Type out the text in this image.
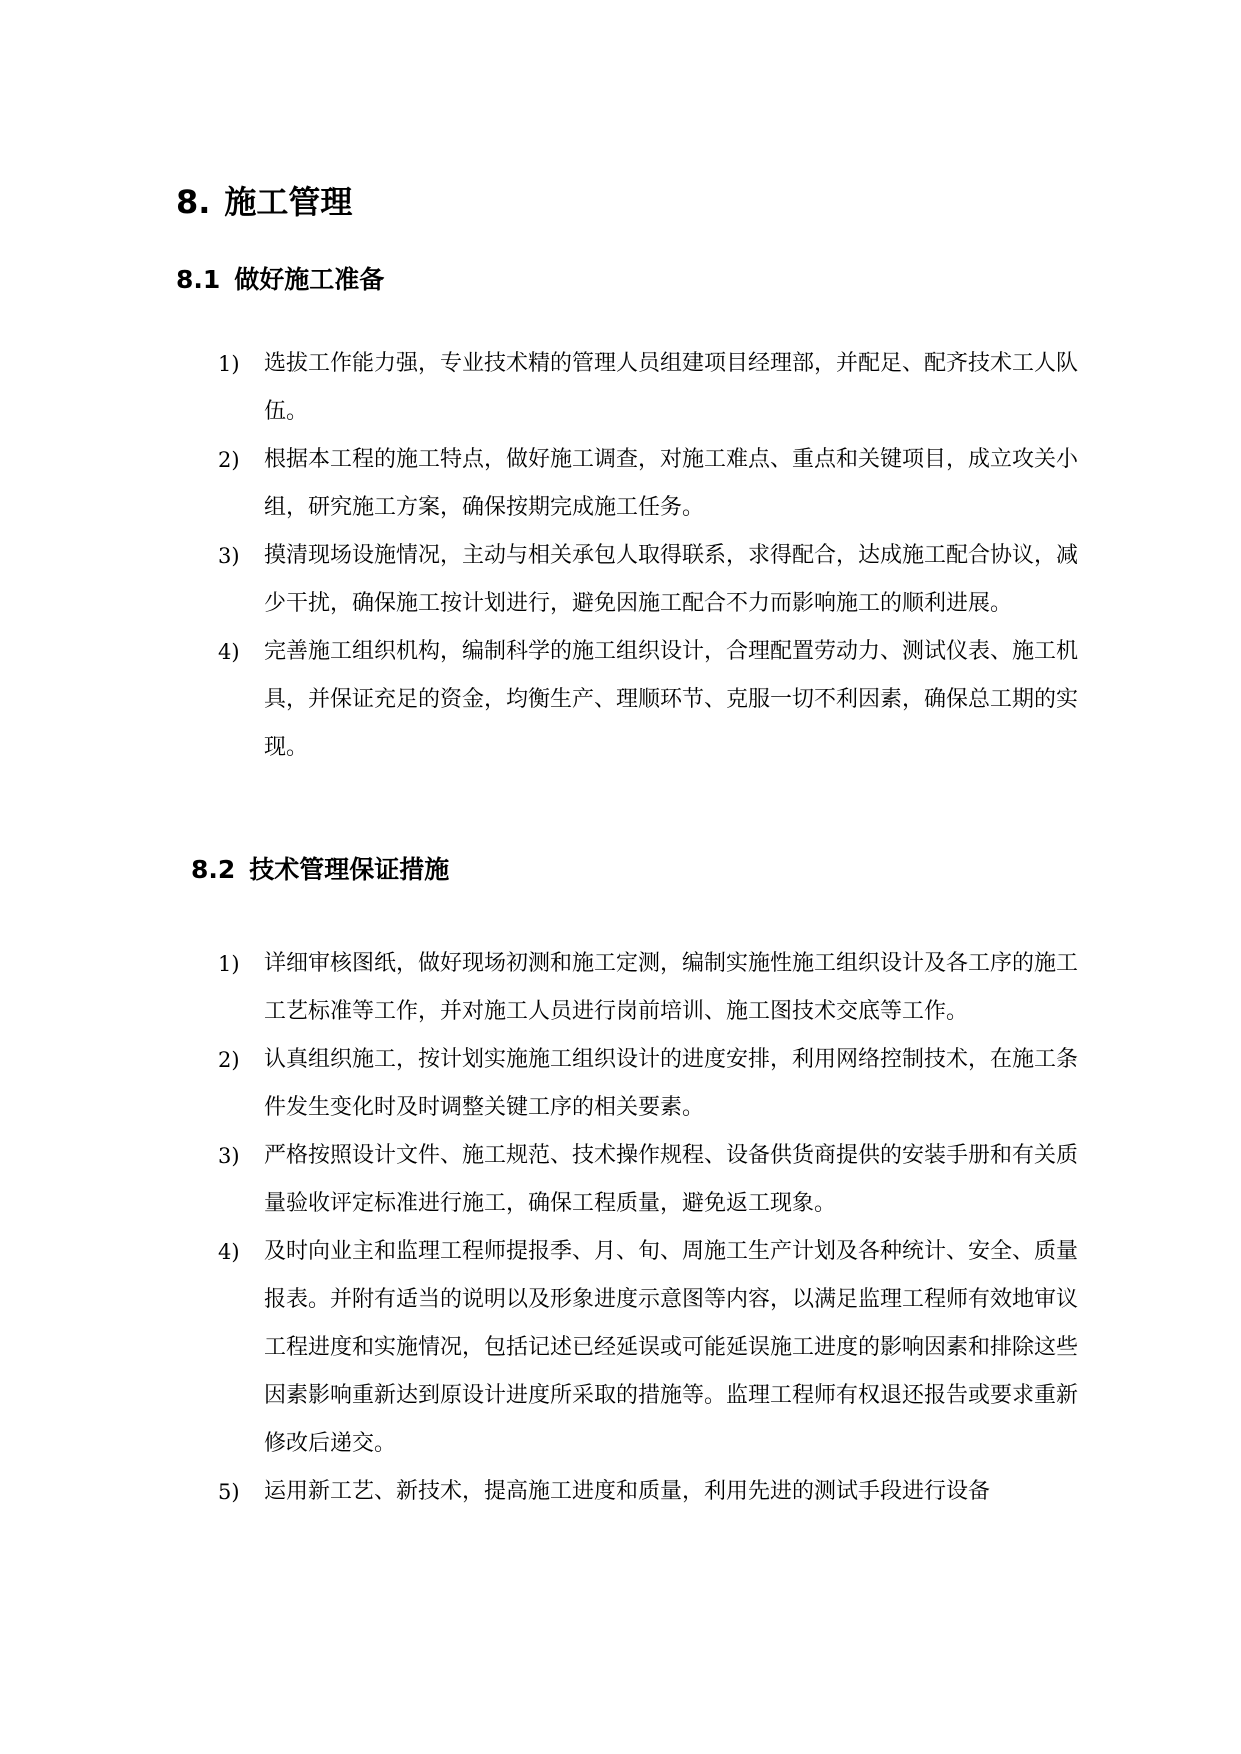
8. 施工管理
8.1 做好施工准备
1) 选拔工作能力强，专业技术精的管理人员组建项目经理部，并配足、配齐技术工人队伍。
2) 根据本工程的施工特点，做好施工调查，对施工难点、重点和关键项目，成立攻关小组，研究施工方案，确保按期完成施工任务。
3) 摸清现场设施情况，主动与相关承包人取得联系，求得配合，达成施工配合协议，减少干扰，确保施工按计划进行，避免因施工配合不力而影响施工的顺利进展。
4) 完善施工组织机构，编制科学的施工组织设计，合理配置劳动力、测试仪表、施工机具，并保证充足的资金，均衡生产、理顺环节、克服一切不利因素，确保总工期的实现。
8.2 技术管理保证措施
1) 详细审核图纸，做好现场初测和施工定测，编制实施性施工组织设计及各工序的施工工艺标准等工作，并对施工人员进行岗前培训、施工图技术交底等工作。
2) 认真组织施工，按计划实施施工组织设计的进度安排，利用网络控制技术，在施工条件发生变化时及时调整关键工序的相关要素。
3) 严格按照设计文件、施工规范、技术操作规程、设备供货商提供的安装手册和有关质量验收评定标准进行施工，确保工程质量，避免返工现象。
4) 及时向业主和监理工程师提报季、月、旬、周施工生产计划及各种统计、安全、质量报表。并附有适当的说明以及形象进度示意图等内容，以满足监理工程师有效地审议工程进度和实施情况，包括记述已经延误或可能延误施工进度的影响因素和排除这些因素影响重新达到原设计进度所采取的措施等。监理工程师有权退还报告或要求重新修改后递交。
5) 运用新工艺、新技术，提高施工进度和质量，利用先进的测试手段进行设备
